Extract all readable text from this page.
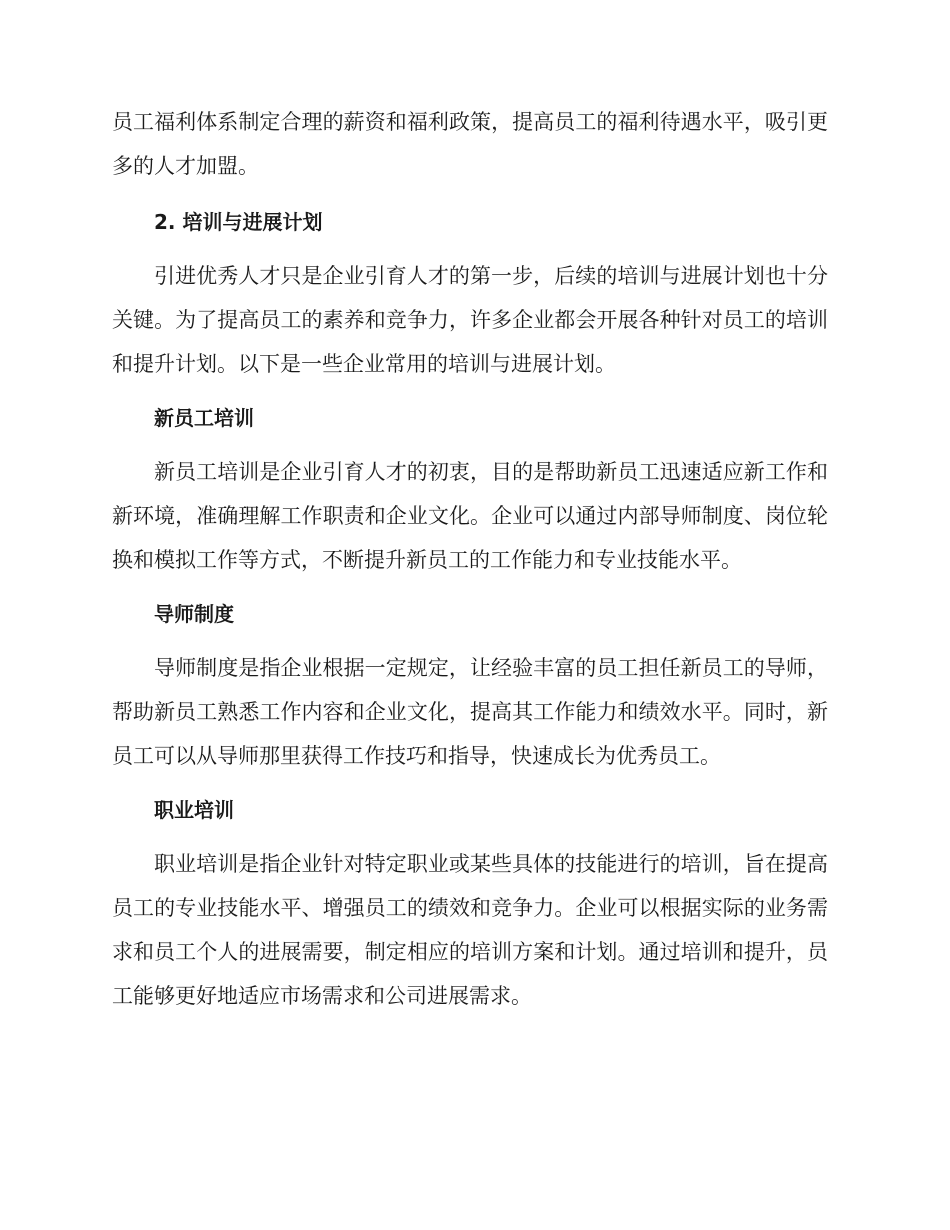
员工福利体系制定合理的薪资和福利政策，提高员工的福利待遇水平，吸引更多的人才加盟。

2. 培训与进展计划

引进优秀人才只是企业引育人才的第一步，后续的培训与进展计划也十分关键。为了提高员工的素养和竞争力，许多企业都会开展各种针对员工的培训和提升计划。以下是一些企业常用的培训与进展计划。

新员工培训

新员工培训是企业引育人才的初衷，目的是帮助新员工迅速适应新工作和新环境，准确理解工作职责和企业文化。企业可以通过内部导师制度、岗位轮换和模拟工作等方式，不断提升新员工的工作能力和专业技能水平。

导师制度

导师制度是指企业根据一定规定，让经验丰富的员工担任新员工的导师，帮助新员工熟悉工作内容和企业文化，提高其工作能力和绩效水平。同时，新员工可以从导师那里获得工作技巧和指导，快速成长为优秀员工。

职业培训

职业培训是指企业针对特定职业或某些具体的技能进行的培训，旨在提高员工的专业技能水平、增强员工的绩效和竞争力。企业可以根据实际的业务需求和员工个人的进展需要，制定相应的培训方案和计划。通过培训和提升，员工能够更好地适应市场需求和公司进展需求。
